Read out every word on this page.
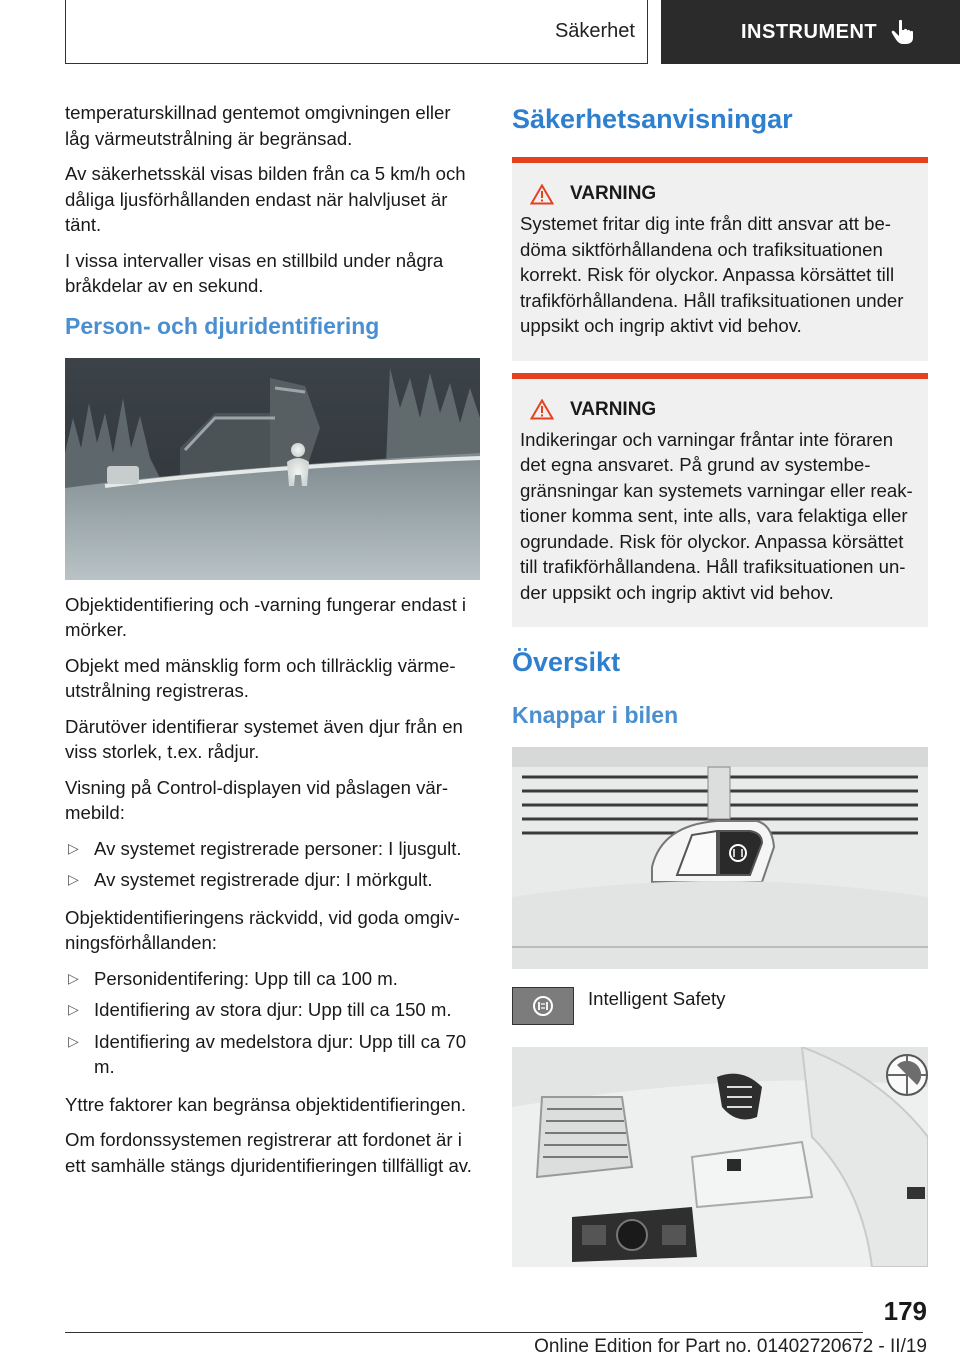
Säkerhet	INSTRUMENT

temperaturskillnad gentemot omgivningen eller låg värmeutstrålning är begränsad.

Av säkerhetsskäl visas bilden från ca 5 km/h och dåliga ljusförhållanden endast när halvljuset är tänt.

I vissa intervaller visas en stillbild under några bråkdelar av en sekund.

Person- och djuridentifiering

Objektidentifiering och -varning fungerar endast i mörker.

Objekt med mänsklig form och tillräcklig värme-utstrålning registreras.

Därutöver identifierar systemet även djur från en viss storlek, t.ex. rådjur.

Visning på Control-displayen vid påslagen vär-mebild:

▷ Av systemet registrerade personer: I ljusgult.
▷ Av systemet registrerade djur: I mörkgult.

Objektidentifieringens räckvidd, vid goda omgiv-ningsförhållanden:

▷ Personidentifering: Upp till ca 100 m.
▷ Identifiering av stora djur: Upp till ca 150 m.
▷ Identifiering av medelstora djur: Upp till ca 70 m.

Yttre faktorer kan begränsa objektidentifieringen.

Om fordonssystemen registrerar att fordonet är i ett samhälle stängs djuridentifieringen tillfälligt av.

Säkerhetsanvisningar
VARNING
Systemet fritar dig inte från ditt ansvar att be-döma siktförhållandena och trafiksituationen korrekt. Risk för olyckor. Anpassa körsättet till trafikförhållandena. Håll trafiksituationen under uppsikt och ingrip aktivt vid behov.
VARNING
Indikeringar och varningar fråntar inte föraren det egna ansvaret. På grund av systembe-gränsningar kan systemets varningar eller reak-tioner komma sent, inte alls, vara felaktiga eller ogrundade. Risk för olyckor. Anpassa körsättet till trafikförhållandena. Håll trafiksituationen un-der uppsikt och ingrip aktivt vid behov.
Översikt
Knappar i bilen
Intelligent Safety
179
Online Edition for Part no. 01402720672 - II/19
